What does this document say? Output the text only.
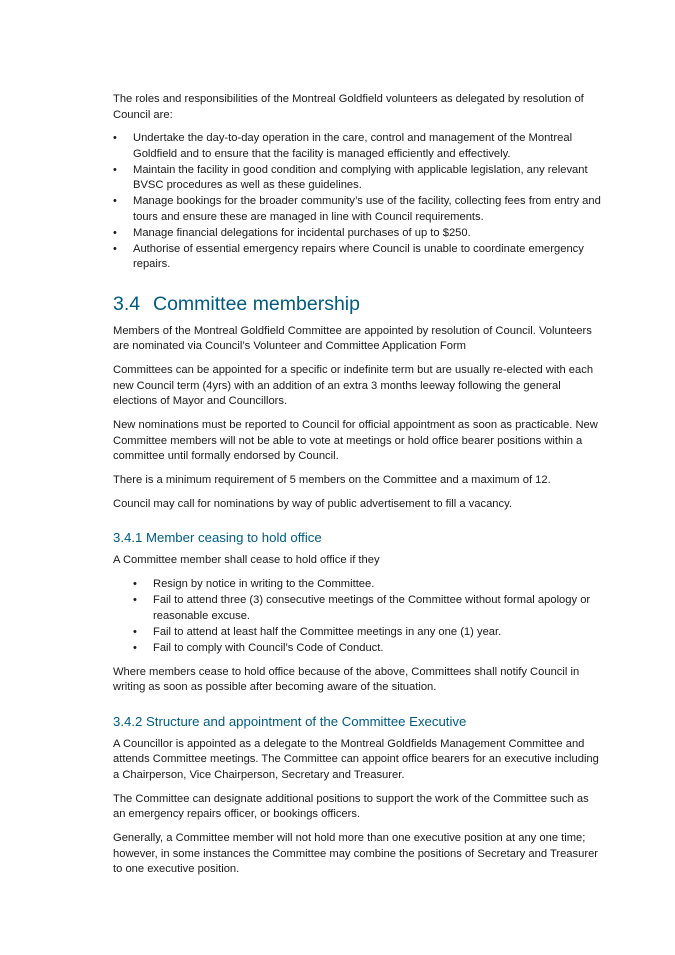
The roles and responsibilities of the Montreal Goldfield volunteers as delegated by resolution of Council are:

• Undertake the day-to-day operation in the care, control and management of the Montreal Goldfield and to ensure that the facility is managed efficiently and effectively.
• Maintain the facility in good condition and complying with applicable legislation, any relevant BVSC procedures as well as these guidelines.
• Manage bookings for the broader community’s use of the facility, collecting fees from entry and tours and ensure these are managed in line with Council requirements.
• Manage financial delegations for incidental purchases of up to $250.
• Authorise of essential emergency repairs where Council is unable to coordinate emergency repairs.
3.4 Committee membership

Members of the Montreal Goldfield Committee are appointed by resolution of Council. Volunteers are nominated via Council’s Volunteer and Committee Application Form

Committees can be appointed for a specific or indefinite term but are usually re-elected with each new Council term (4yrs) with an addition of an extra 3 months leeway following the general elections of Mayor and Councillors.

New nominations must be reported to Council for official appointment as soon as practicable. New Committee members will not be able to vote at meetings or hold office bearer positions within a committee until formally endorsed by Council.

There is a minimum requirement of 5 members on the Committee and a maximum of 12.

Council may call for nominations by way of public advertisement to fill a vacancy.

3.4.1 Member ceasing to hold office

A Committee member shall cease to hold office if they

• Resign by notice in writing to the Committee.
• Fail to attend three (3) consecutive meetings of the Committee without formal apology or reasonable excuse.
• Fail to attend at least half the Committee meetings in any one (1) year.
• Fail to comply with Council’s Code of Conduct.

Where members cease to hold office because of the above, Committees shall notify Council in writing as soon as possible after becoming aware of the situation.

3.4.2 Structure and appointment of the Committee Executive

A Councillor is appointed as a delegate to the Montreal Goldfields Management Committee and attends Committee meetings. The Committee can appoint office bearers for an executive including a Chairperson, Vice Chairperson, Secretary and Treasurer.

The Committee can designate additional positions to support the work of the Committee such as an emergency repairs officer, or bookings officers.

Generally, a Committee member will not hold more than one executive position at any one time; however, in some instances the Committee may combine the positions of Secretary and Treasurer to one executive position.
